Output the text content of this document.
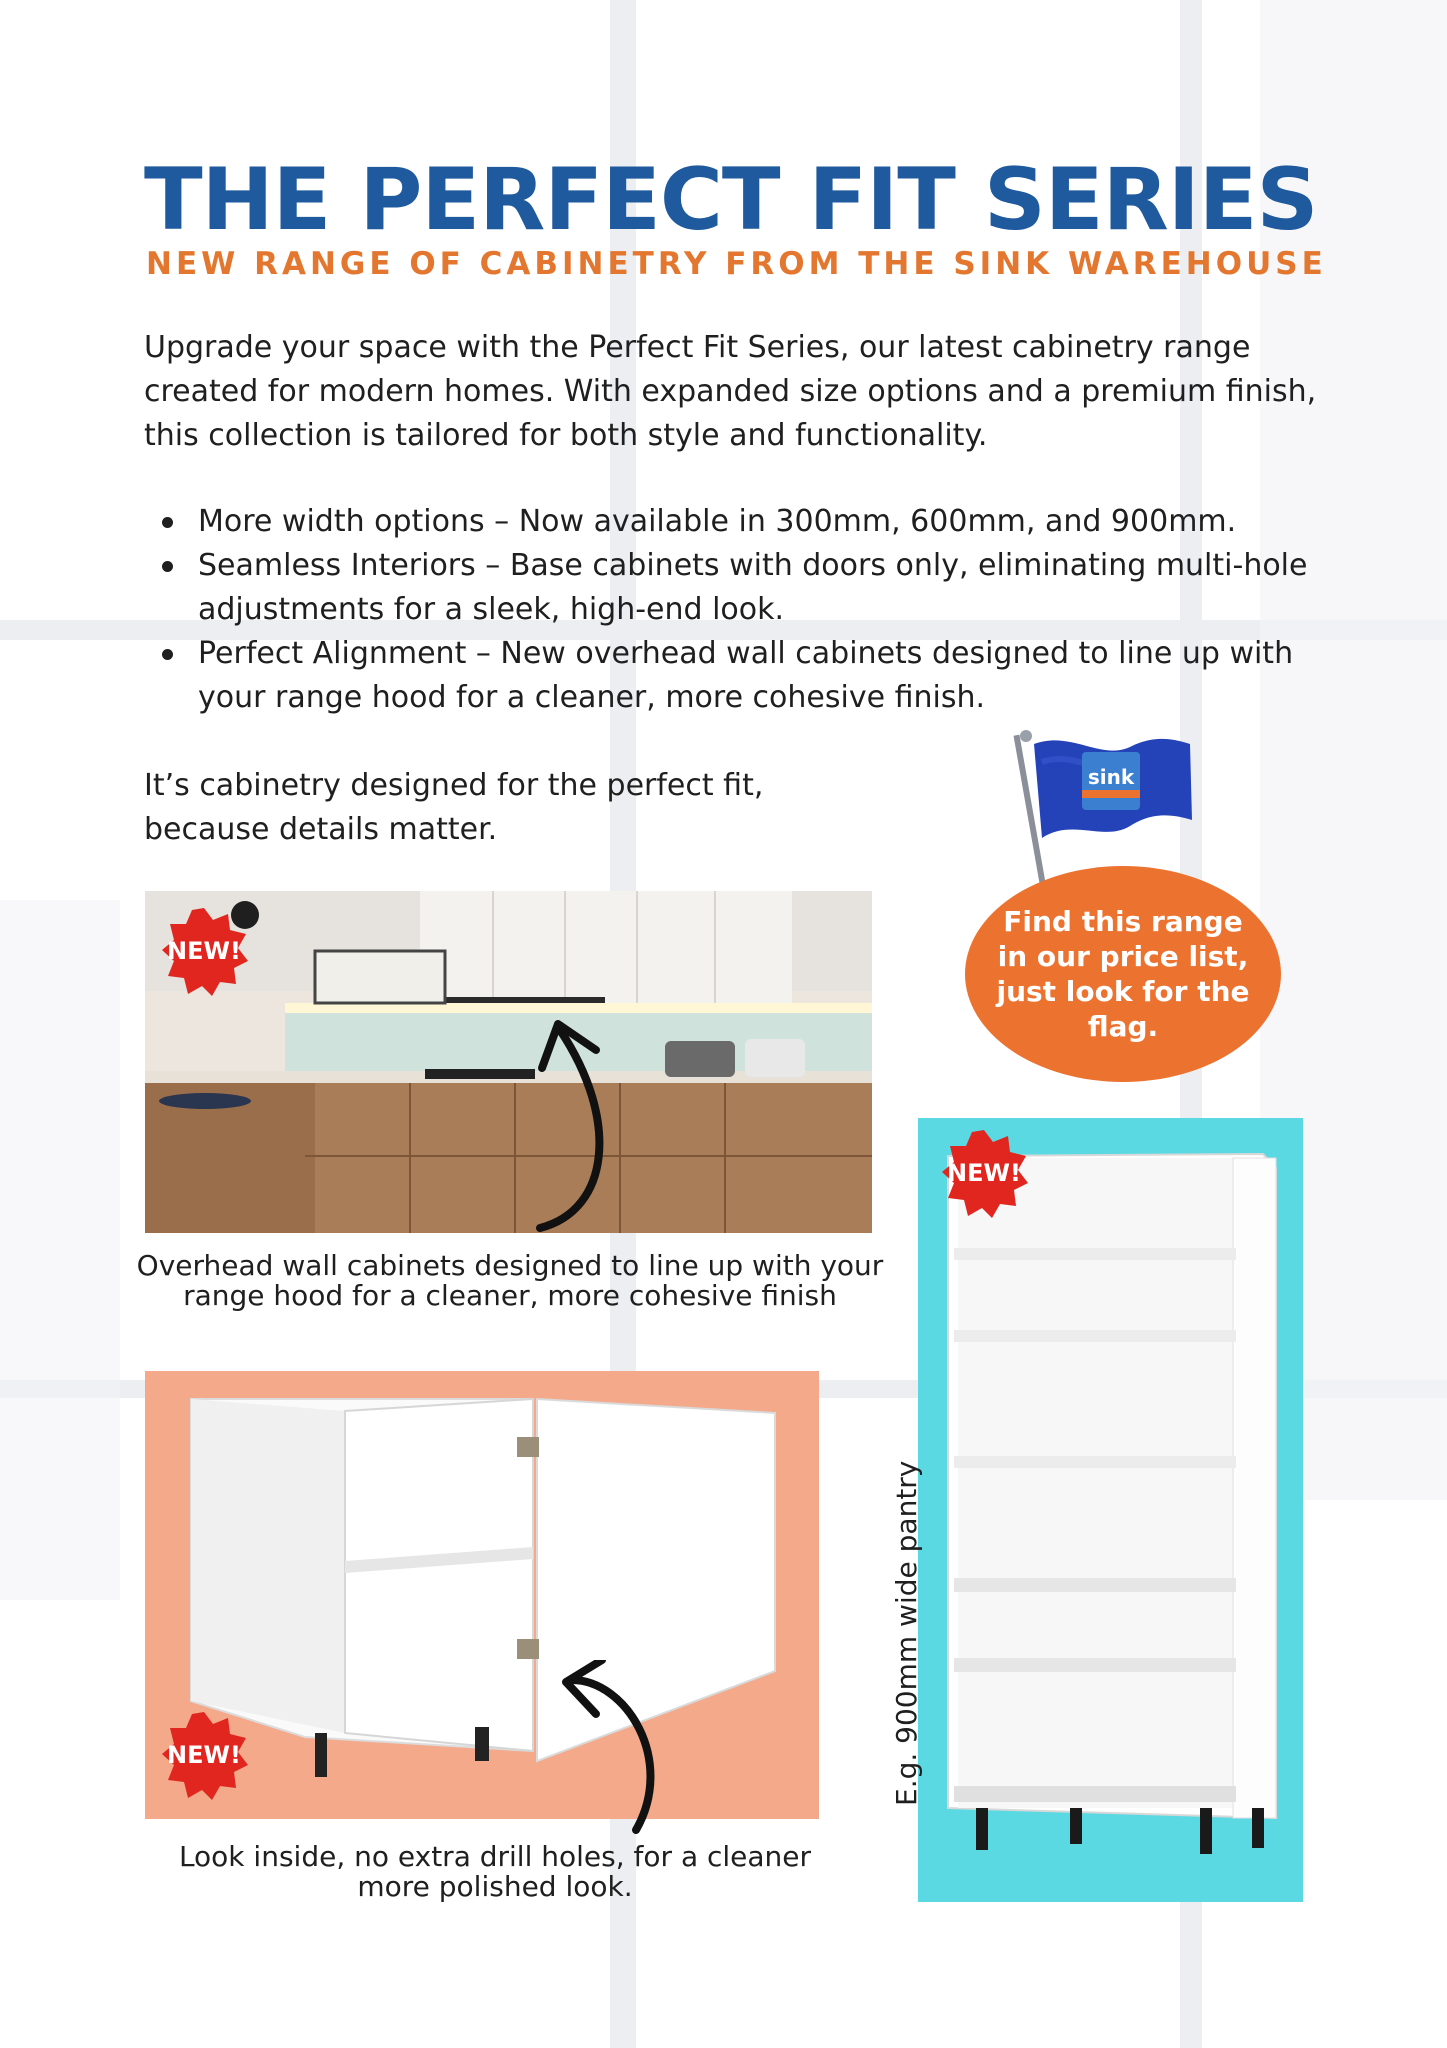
THE PERFECT FIT SERIES
NEW RANGE OF CABINETRY FROM THE SINK WAREHOUSE

Upgrade your space with the Perfect Fit Series, our latest cabinetry range
created for modern homes. With expanded size options and a premium finish,
this collection is tailored for both style and functionality.

More width options – Now available in 300mm, 600mm, and 900mm.
Seamless Interiors – Base cabinets with doors only, eliminating multi-hole
adjustments for a sleek, high-end look.
Perfect Alignment – New overhead wall cabinets designed to line up with
your range hood for a cleaner, more cohesive finish.

It’s cabinetry designed for the perfect fit,
because details matter.

sink
Find this range in our price list, just look for the flag.
NEW!
NEW!
NEW!

Overhead wall cabinets designed to line up with your
range hood for a cleaner, more cohesive finish

Look inside, no extra drill holes, for a cleaner
more polished look.

E.g. 900mm wide pantry
